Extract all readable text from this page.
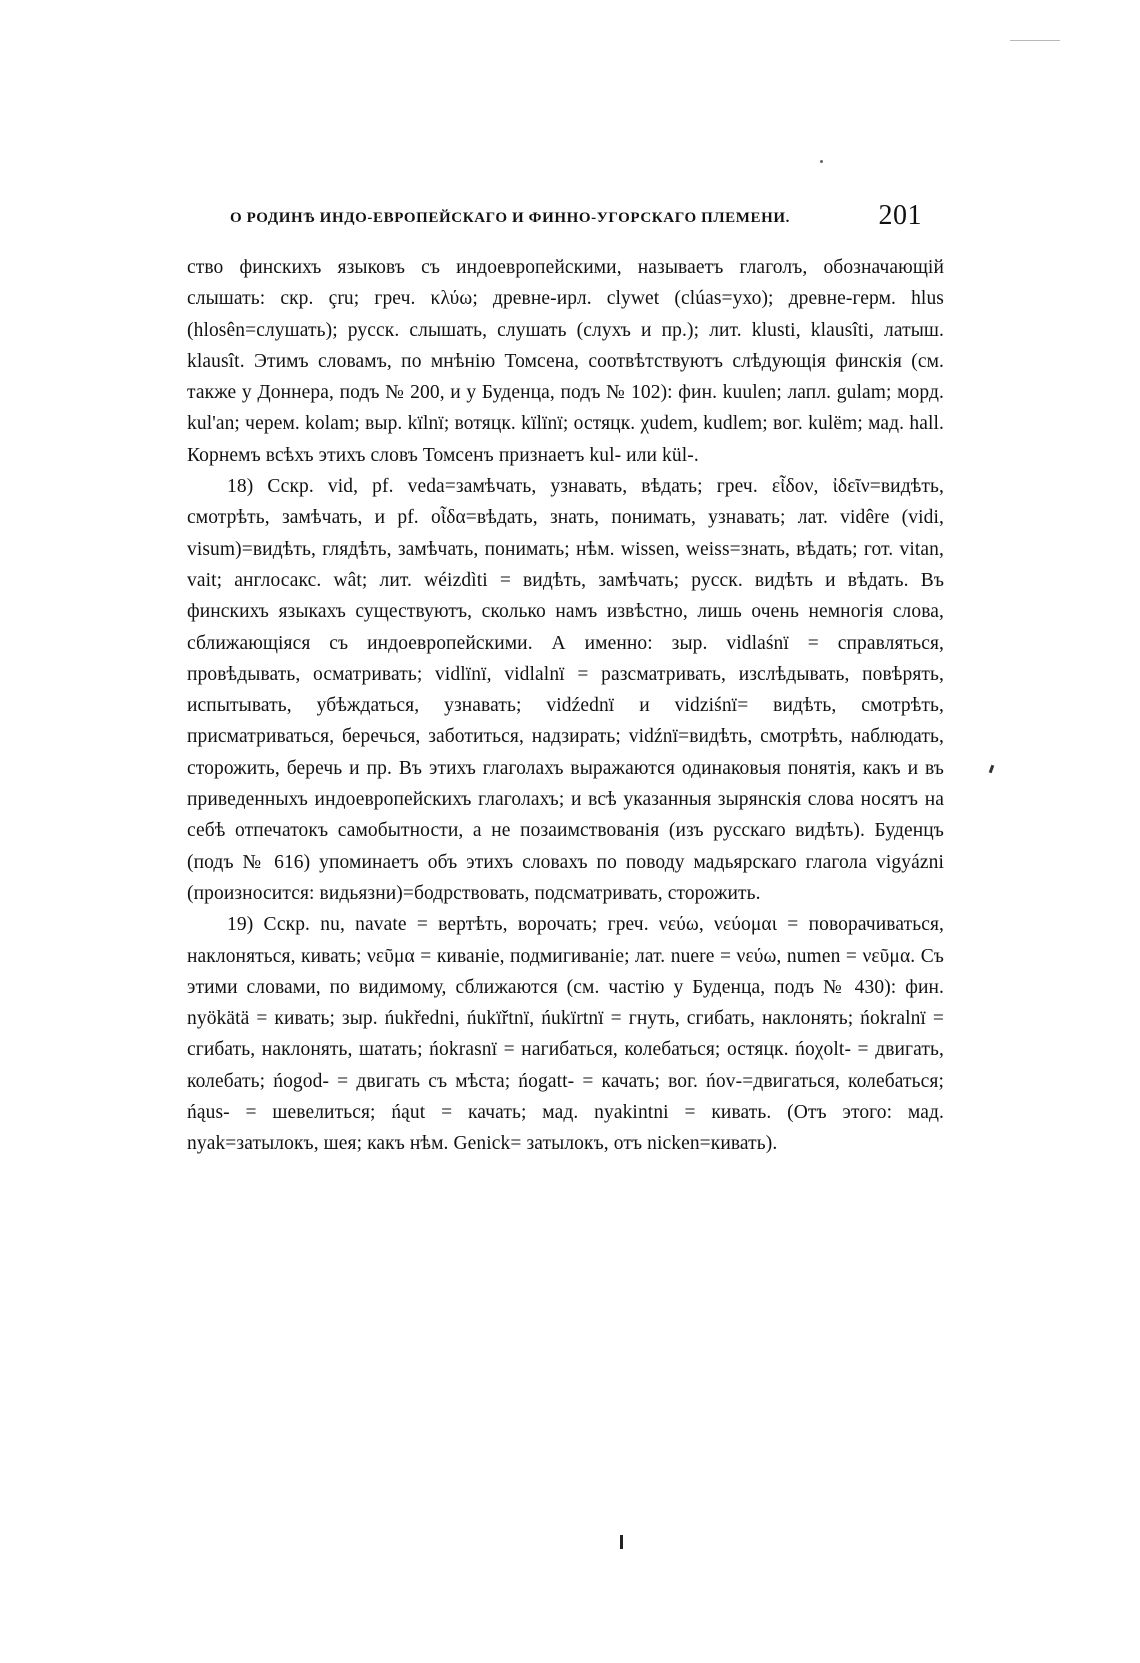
О РОДИНѢ ИНДО-ЕВРОПЕЙСКАГО И ФИННО-УГОРСКАГО ПЛЕМЕНИ.	201

ство финскихъ языковъ съ индоевропейскими, называетъ глаголъ, обозначающій слышать: скр. çru; греч. κλύω; древне-ирл. clywet (clúas=ухо); древне-герм. hlus (hlosên=слушать); русск. слышать, слушать (слухъ и пр.); лит. klusti, klausîti, латыш. klausît. Этимъ словамъ, по мнѣнію Томсена, соотвѣтствуютъ слѣдующія финскія (см. также у Доннера, подъ № 200, и у Буденца, подъ № 102): фин. kuulen; лапл. gulam; морд. kul'an; черем. kolam; выр. kïlnï; вотяцк. kïlïnï; остяцк. χudem, kudlem; вог. kulëm; мад. hall. Корнемъ всѣхъ этихъ словъ Томсенъ признаетъ kul- или kül-.

18) Сскр. vid, pf. veda=замѣчать, узнавать, вѣдать; греч. εἶδον, ἰδεῖν=видѣть, смотрѣть, замѣчать, и pf. οἶδα=вѣдать, знать, понимать, узнавать; лат. vidêre (vidi, visum)=видѣть, глядѣть, замѣчать, понимать; нѣм. wissen, weiss=знать, вѣдать; гот. vitan, vait; англосакс. wât; лит. wéizdìti = видѣть, замѣчать; русск. видѣть и вѣдать. Въ финскихъ языкахъ существуютъ, сколько намъ извѣстно, лишь очень немногія слова, сближающіяся съ индоевропейскими. А именно: зыр. vidlaśnï = справляться, провѣдывать, осматривать; vidlïnï, vidlalnï = разсматривать, изслѣдывать, повѣрять, испытывать, убѣждаться, узнавать; vidźednï и vidziśnï= видѣть, смотрѣть, присматриваться, беречься, заботиться, надзирать; vidźnï=видѣть, смотрѣть, наблюдать, сторожить, беречь и пр. Въ этихъ глаголахъ выражаются одинаковыя понятія, какъ и въ приведенныхъ индоевропейскихъ глаголахъ; и всѣ указанныя зырянскія слова носятъ на себѣ отпечатокъ самобытности, а не позаимствованія (изъ русскаго видѣть). Буденцъ (подъ № 616) упоминаетъ объ этихъ словахъ по поводу мадьярскаго глагола vigyázni (произносится: видьязни)=бодрствовать, подсматривать, сторожить.

19) Сскр. nu, navate = вертѣть, ворочать; греч. νεύω, νεύομαι = поворачиваться, наклоняться, кивать; νεῦμα = киваніе, подмигиваніе; лат. nuere = νεύω, numen = νεῦμα. Съ этими словами, по видимому, сближаются (см. частію у Буденца, подъ № 430): фин. nyökätä = кивать; зыр. ńukředni, ńukïřtnï, ńukïrtnï = гнуть, сгибать, наклонять; ńokralnï = сгибать, наклонять, шатать; ńokrasnï = нагибаться, колебаться; остяцк. ńoχolt- = двигать, колебать; ńogod- = двигать съ мѣста; ńogatt- = качать; вог. ńov-=двигаться, колебаться; ńąus- = шевелиться; ńąut = качать; мад. nyakintni = кивать. (Отъ этого: мад. nyak=затылокъ, шея; какъ нѣм. Genick= затылокъ, отъ nicken=кивать).
